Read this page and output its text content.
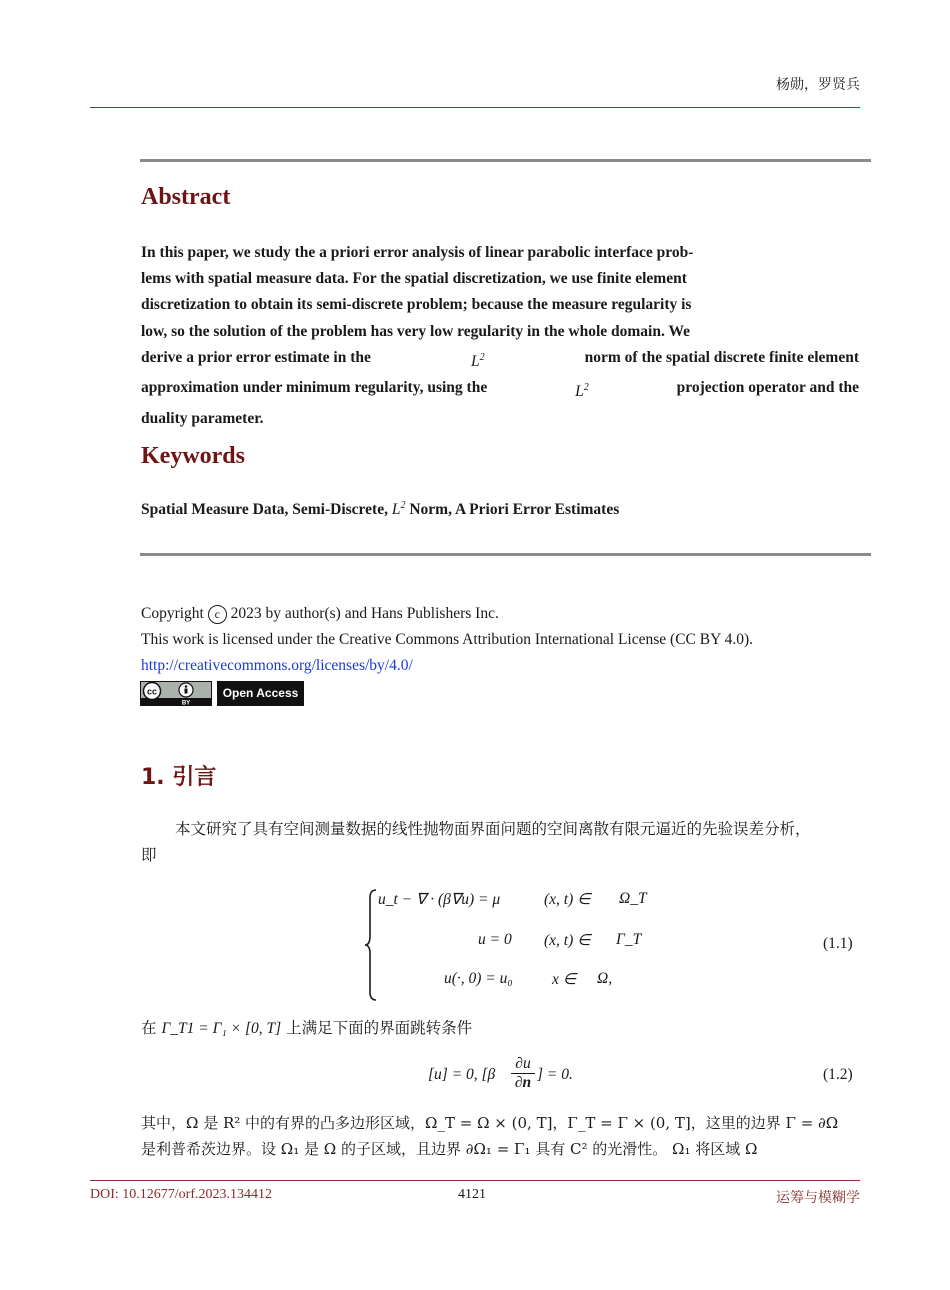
杨勋，罗贤兵
Abstract
In this paper, we study the a priori error analysis of linear parabolic interface prob-
lems with spatial measure data. For the spatial discretization, we use finite element
discretization to obtain its semi-discrete problem; because the measure regularity is
low, so the solution of the problem has very low regularity in the whole domain. We
derive a prior error estimate in the	$L^2$	norm of the spatial discrete finite element
approximation under minimum regularity, using the	$L^2$	projection operator and the
duality parameter.
Keywords
Spatial Measure Data, Semi-Discrete, $L^2$ Norm, A Priori Error Estimates
Copyright c 2023 by author(s) and Hans Publishers Inc.
This work is licensed under the Creative Commons Attribution International License (CC BY 4.0).
http://creativecommons.org/licenses/by/4.0/
cc
BY
Open Access
1. 引言
本文研究了具有空间测量数据的线性抛物面界面问题的空间离散有限元逼近的先验误差分析，
即
u_t − ∇ · (β∇u) = μ	(x, t) ∈ Ω_T
u = 0 (x, t) ∈ Γ_T
u(·, 0) = u₀	x ∈ Ω,
(1.1)
在 Γ_T1 = Γ₁ × [0, T] 上满足下面的界面跳转条件
[u] = 0, [$\beta \frac{\partial u}{\partial n}$ ] = 0.	(1.2)
其中，Ω 是 R² 中的有界的凸多边形区域，Ω_T = Ω × (0, T]，Γ_T = Γ × (0, T]，这里的边界 Γ = ∂Ω
是利普希茨边界。设 Ω₁ 是 Ω 的子区域，且边界 ∂Ω₁ = Γ₁ 具有 C² 的光滑性。 Ω₁ 将区域 Ω
DOI: 10.12677/orf.2023.134412	4121	运筹与模糊学
